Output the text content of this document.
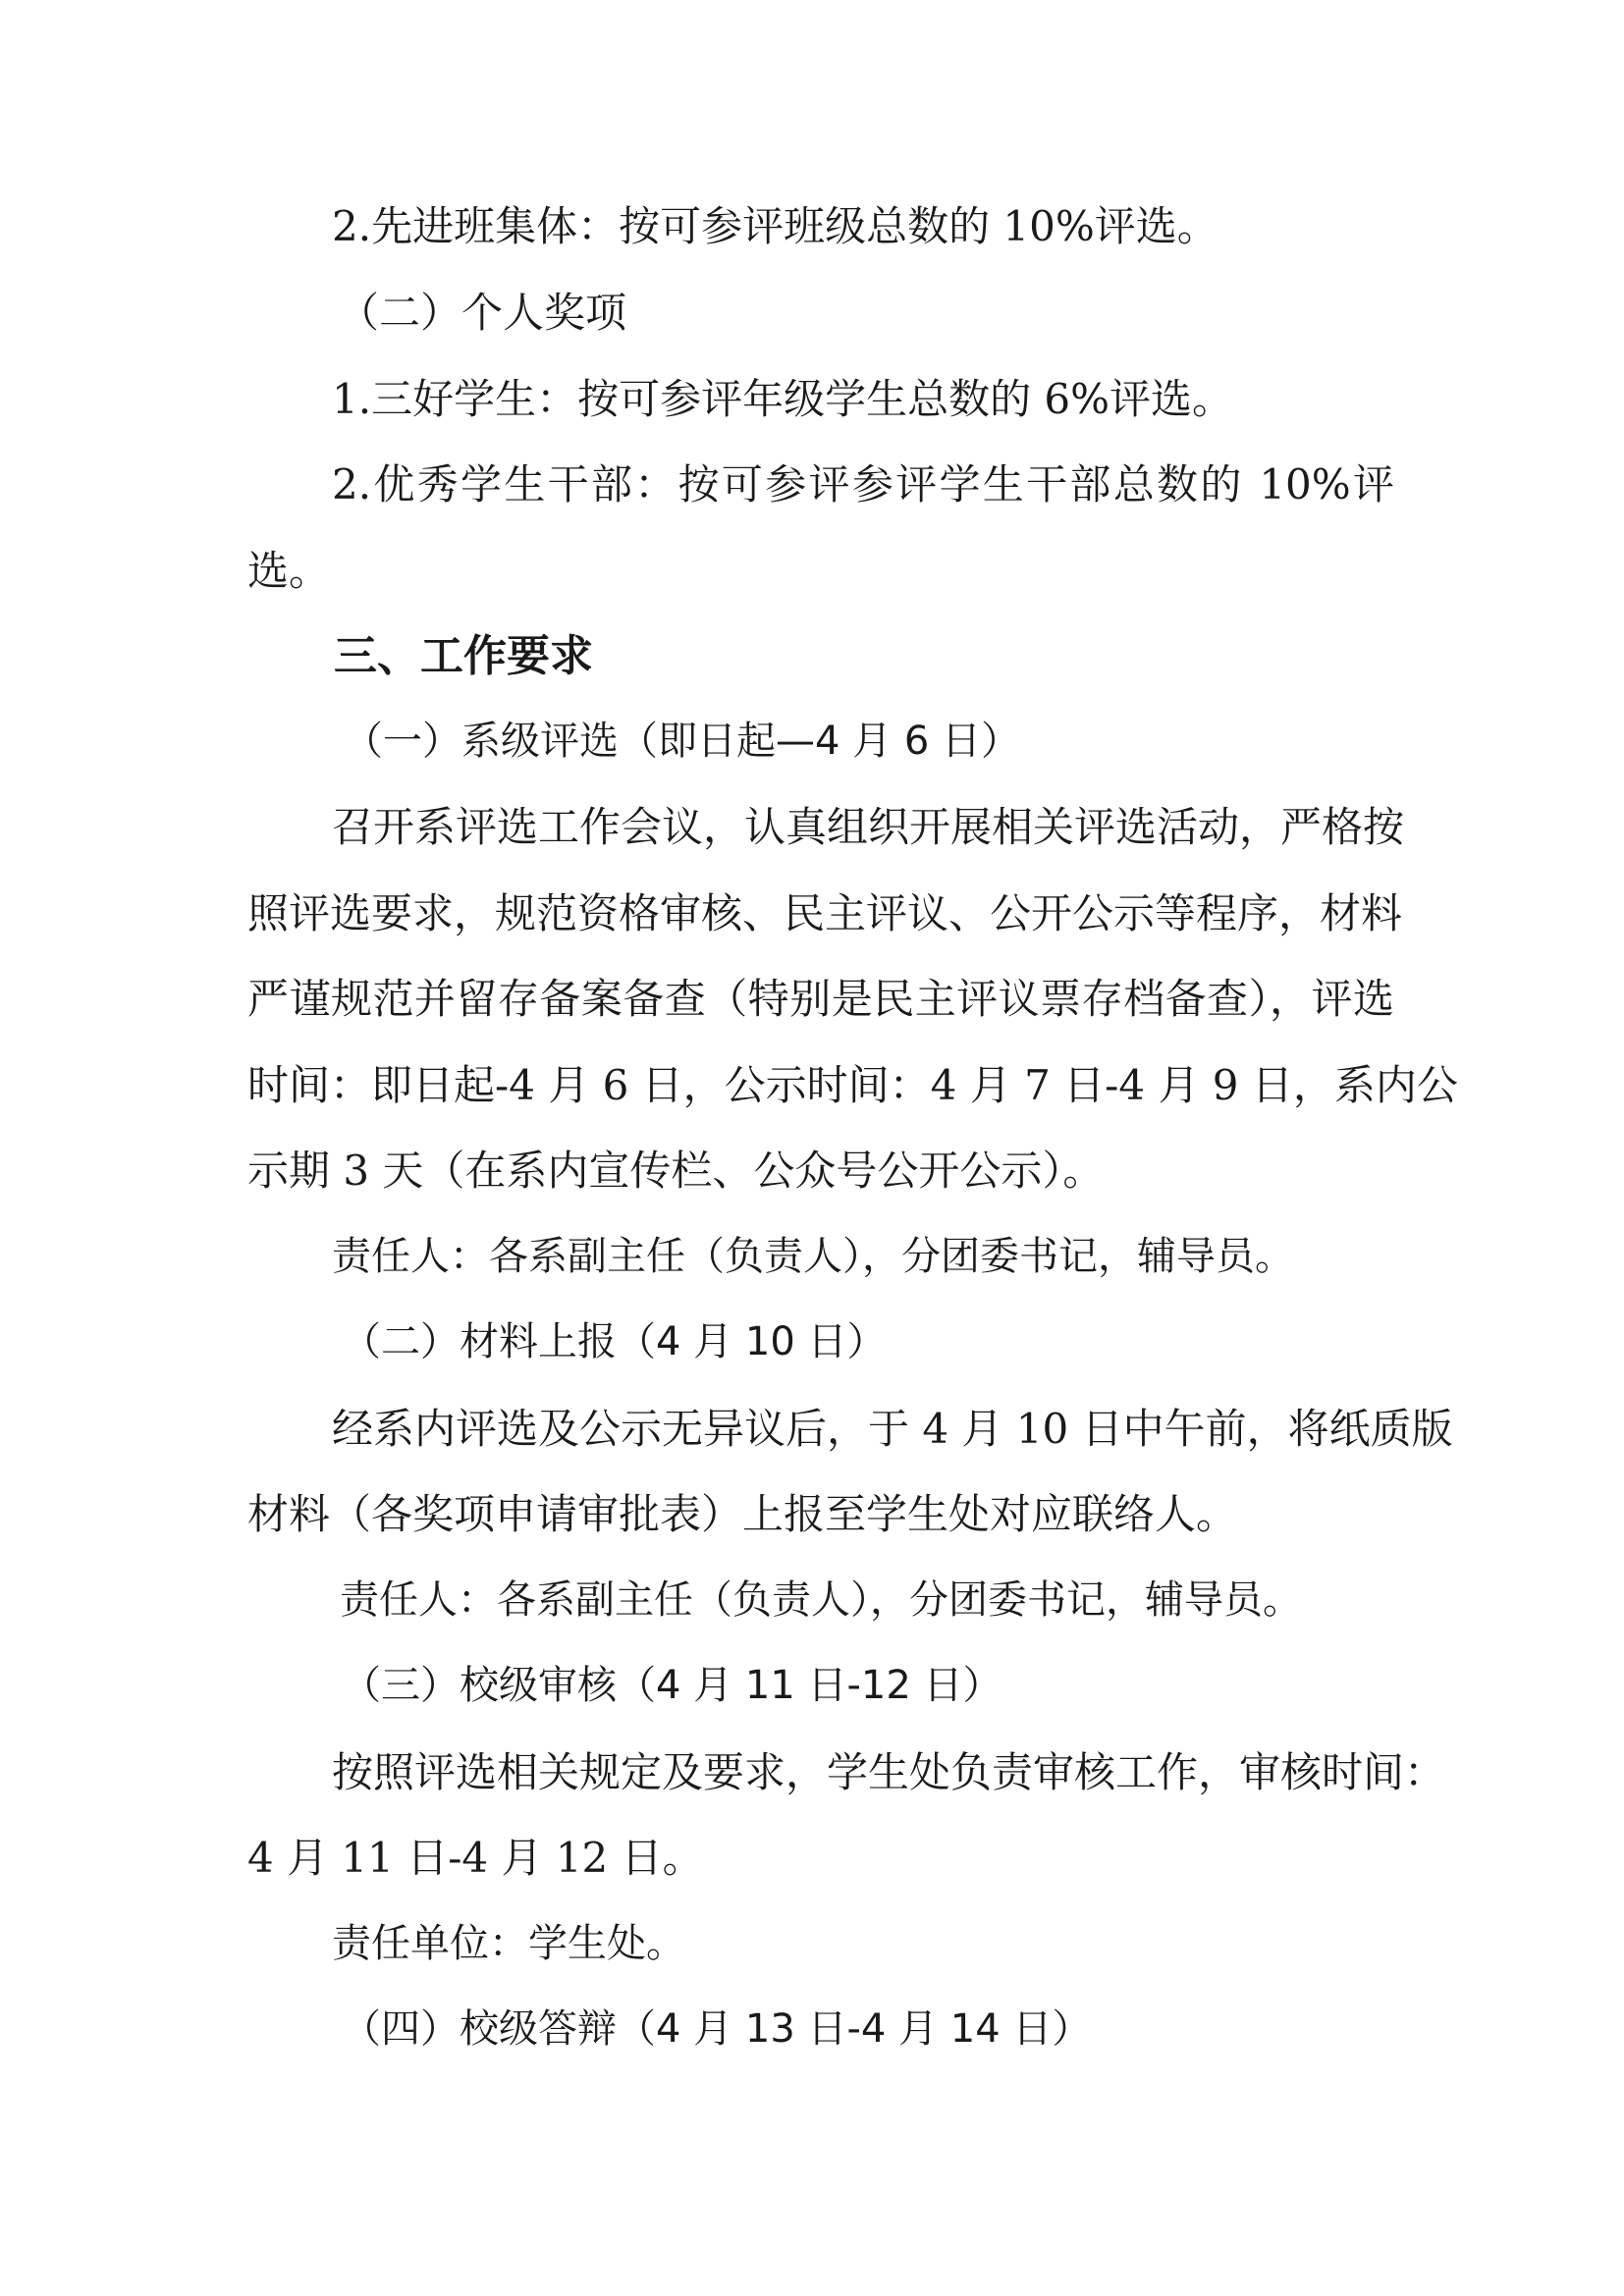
2.先进班集体：按可参评班级总数的 10%评选。
（二）个人奖项
1.三好学生：按可参评年级学生总数的 6%评选。
2.优秀学生干部：按可参评参评学生干部总数的 10%评
选。
三、工作要求
（一）系级评选（即日起—4 月 6 日）
召开系评选工作会议，认真组织开展相关评选活动，严格按
照评选要求，规范资格审核、民主评议、公开公示等程序，材料
严谨规范并留存备案备查（特别是民主评议票存档备查），评选
时间：即日起-4 月 6 日，公示时间：4 月 7 日-4 月 9 日，系内公
示期 3 天（在系内宣传栏、公众号公开公示）。
责任人：各系副主任（负责人），分团委书记，辅导员。
（二）材料上报（4 月 10 日）
经系内评选及公示无异议后，于 4 月 10 日中午前，将纸质版
材料（各奖项申请审批表）上报至学生处对应联络人。
责任人：各系副主任（负责人），分团委书记，辅导员。
（三）校级审核（4 月 11 日-12 日）
按照评选相关规定及要求，学生处负责审核工作，审核时间：
4 月 11 日-4 月 12 日。
责任单位：学生处。
（四）校级答辩（4 月 13 日-4 月 14 日）
